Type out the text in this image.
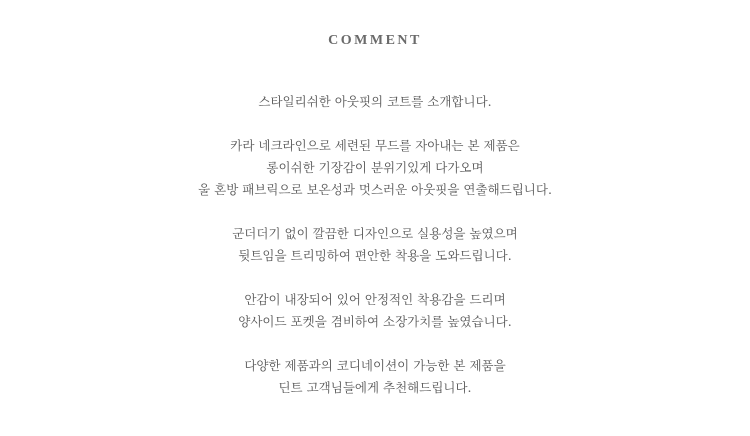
COMMENT
스타일리쉬한 아웃핏의 코트를 소개합니다.
카라 네크라인으로 세련된 무드를 자아내는 본 제품은
롱이쉬한 기장감이 분위기있게 다가오며
울 혼방 패브릭으로 보온성과 멋스러운 아웃핏을 연출해드립니다.
군더더기 없이 깔끔한 디자인으로 실용성을 높였으며
뒷트임을 트리밍하여 편안한 착용을 도와드립니다.
안감이 내장되어 있어 안정적인 착용감을 드리며
양사이드 포켓을 겸비하여 소장가치를 높였습니다.
다양한 제품과의 코디네이션이 가능한 본 제품을
딘트 고객님들에게 추천해드립니다.
